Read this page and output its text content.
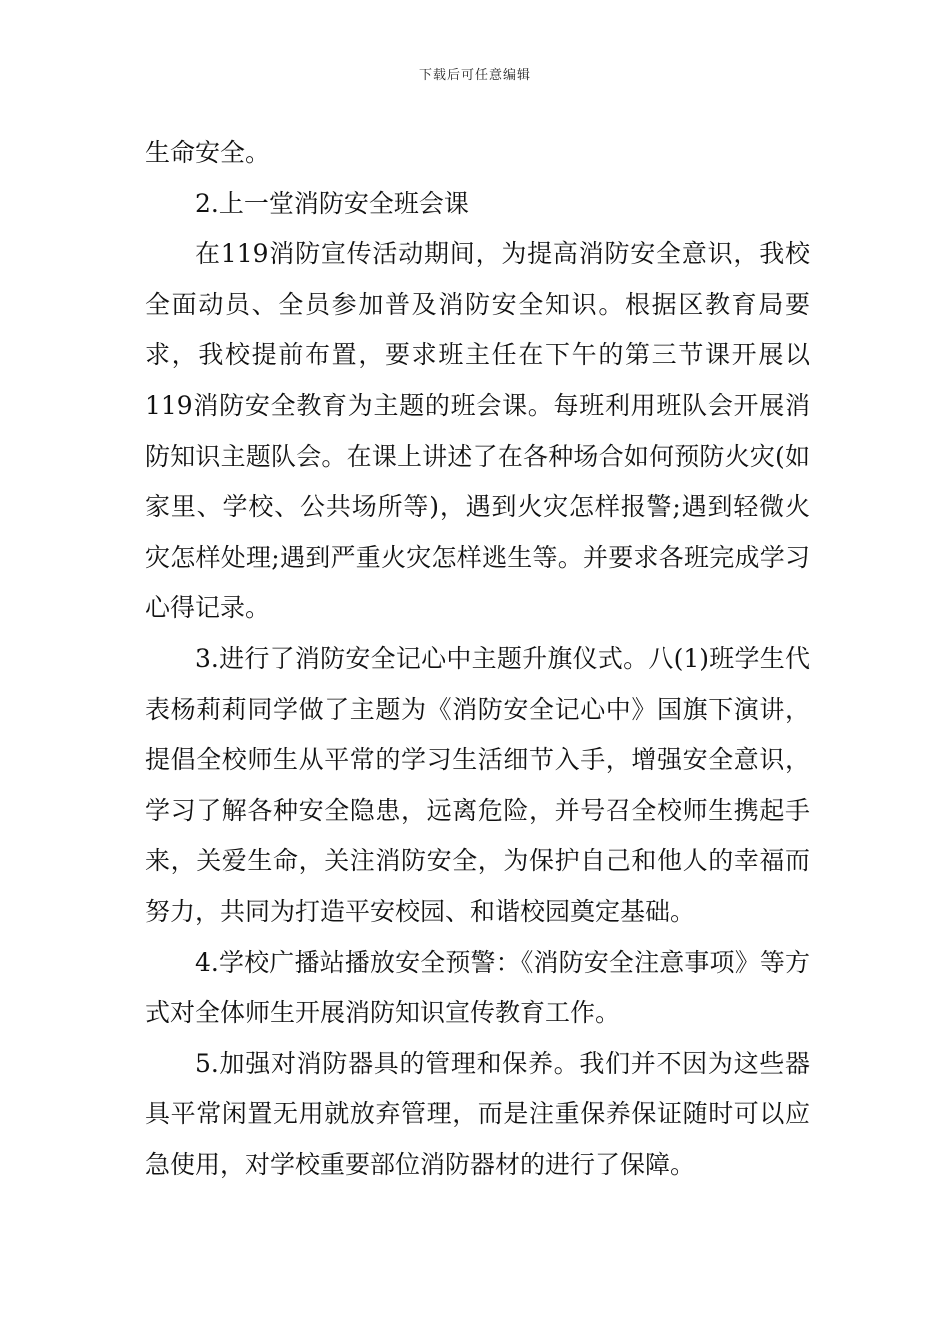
下载后可任意编辑

生命安全。

2.上一堂消防安全班会课

在119消防宣传活动期间，为提高消防安全意识，我校全面动员、全员参加普及消防安全知识。根据区教育局要求，我校提前布置，要求班主任在下午的第三节课开展以119消防安全教育为主题的班会课。每班利用班队会开展消防知识主题队会。在课上讲述了在各种场合如何预防火灾(如家里、学校、公共场所等)，遇到火灾怎样报警;遇到轻微火灾怎样处理;遇到严重火灾怎样逃生等。并要求各班完成学习心得记录。

3.进行了消防安全记心中主题升旗仪式。八(1)班学生代表杨莉莉同学做了主题为《消防安全记心中》国旗下演讲，提倡全校师生从平常的学习生活细节入手，增强安全意识，学习了解各种安全隐患，远离危险，并号召全校师生携起手来，关爱生命，关注消防安全，为保护自己和他人的幸福而努力，共同为打造平安校园、和谐校园奠定基础。

4.学校广播站播放安全预警：《消防安全注意事项》等方式对全体师生开展消防知识宣传教育工作。

5.加强对消防器具的管理和保养。我们并不因为这些器具平常闲置无用就放弃管理，而是注重保养保证随时可以应急使用，对学校重要部位消防器材的进行了保障。
